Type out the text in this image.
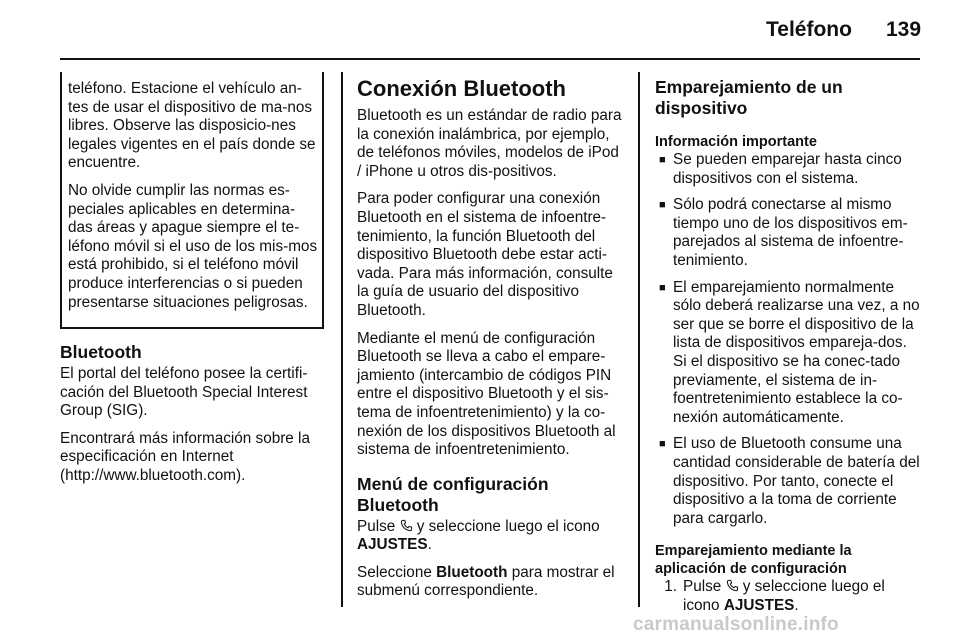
Teléfono 139

teléfono. Estacione el vehículo an-tes de usar el dispositivo de ma-nos libres. Observe las disposicio-nes legales vigentes en el país donde se encuentre.

No olvide cumplir las normas es-peciales aplicables en determina-das áreas y apague siempre el te-léfono móvil si el uso de los mis-mos está prohibido, si el teléfono móvil produce interferencias o si pueden presentarse situaciones peligrosas.

Bluetooth

El portal del teléfono posee la certifi-cación del Bluetooth Special Interest Group (SIG).

Encontrará más información sobre la especificación en Internet (http://www.bluetooth.com).

Conexión Bluetooth

Bluetooth es un estándar de radio para la conexión inalámbrica, por ejemplo, de teléfonos móviles, modelos de iPod / iPhone u otros dis-positivos.

Para poder configurar una conexión Bluetooth en el sistema de infoentre-tenimiento, la función Bluetooth del dispositivo Bluetooth debe estar acti-vada. Para más información, consulte la guía de usuario del dispositivo Bluetooth.

Mediante el menú de configuración Bluetooth se lleva a cabo el empare-jamiento (intercambio de códigos PIN entre el dispositivo Bluetooth y el sis-tema de infoentretenimiento) y la co-nexión de los dispositivos Bluetooth al sistema de infoentretenimiento.

Menú de configuración Bluetooth

Pulse  y seleccione luego el icono AJUSTES.

Seleccione Bluetooth para mostrar el submenú correspondiente.

Emparejamiento de un dispositivo
Información importante
■ Se pueden emparejar hasta cinco dispositivos con el sistema.
■ Sólo podrá conectarse al mismo tiempo uno de los dispositivos em-parejados al sistema de infoentre-tenimiento.
■ El emparejamiento normalmente sólo deberá realizarse una vez, a no ser que se borre el dispositivo de la lista de dispositivos empareja-dos. Si el dispositivo se ha conec-tado previamente, el sistema de in-foentretenimiento establece la co-nexión automáticamente.
■ El uso de Bluetooth consume una cantidad considerable de batería del dispositivo. Por tanto, conecte el dispositivo a la toma de corriente para cargarlo.
Emparejamiento mediante la aplicación de configuración
1. Pulse  y seleccione luego el icono AJUSTES.
carmanualsonline.info
